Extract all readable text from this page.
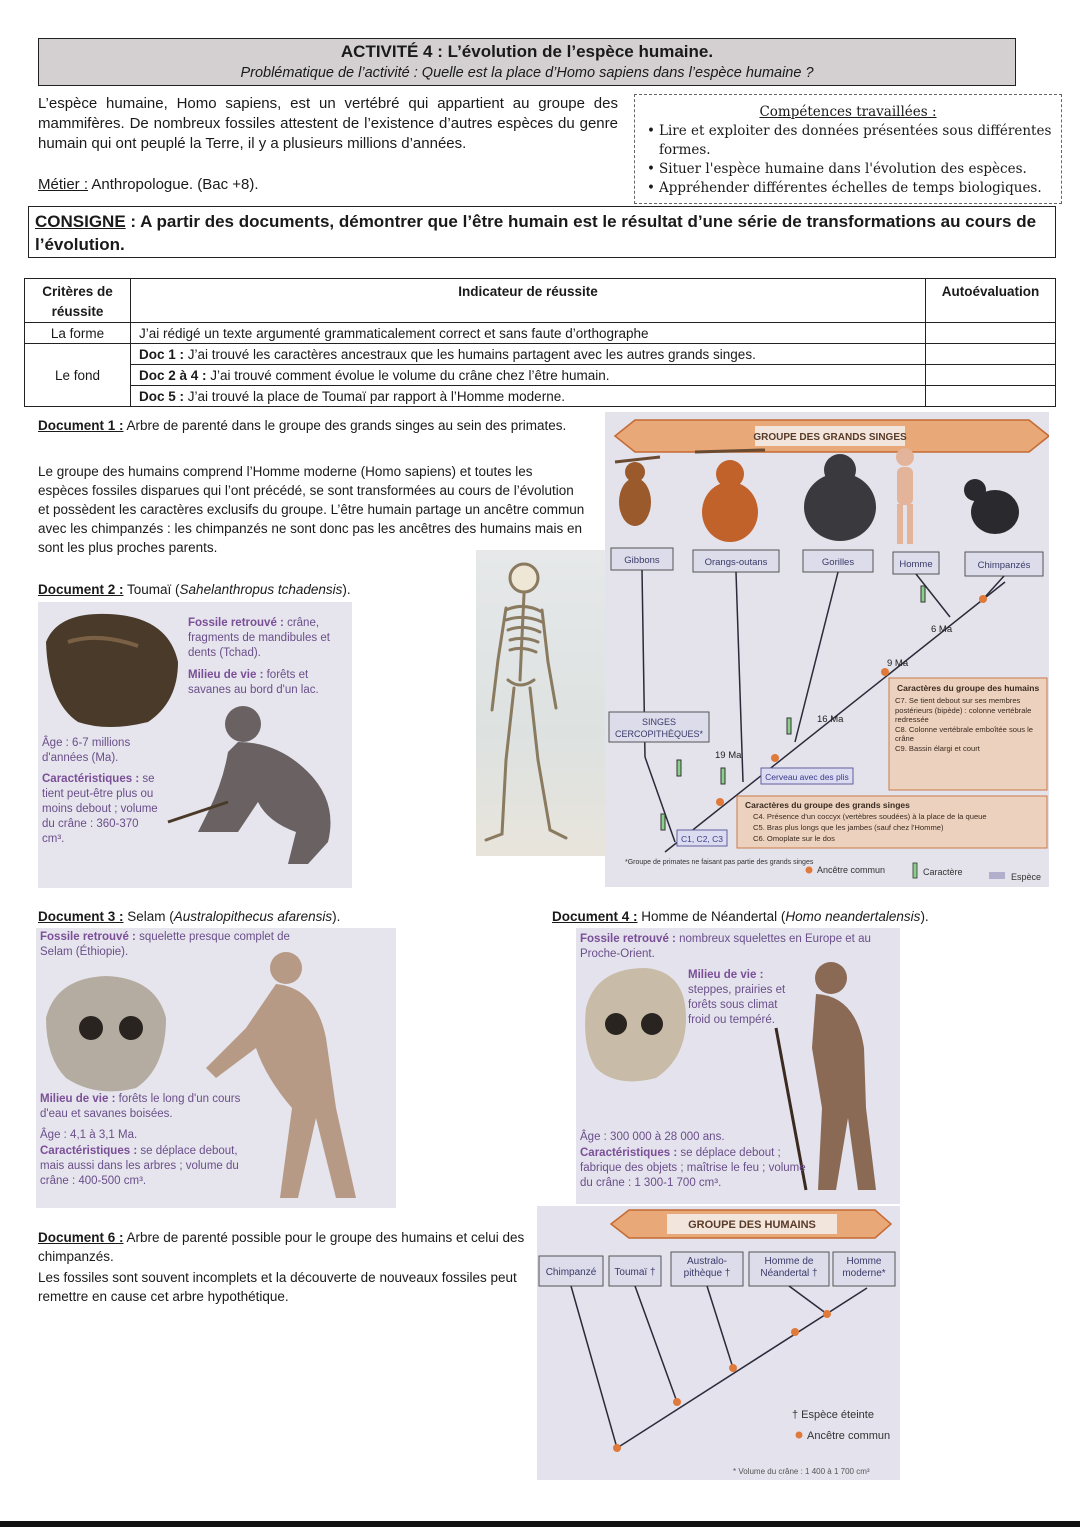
ACTIVITÉ 4 : L’évolution de l’espèce humaine.
Problématique de l’activité : Quelle est la place d’Homo sapiens dans l’espèce humaine ?
L’espèce humaine, Homo sapiens, est un vertébré qui appartient au groupe des mammifères. De nombreux fossiles attestent de l’existence d’autres espèces du genre humain qui ont peuplé la Terre, il y a plusieurs millions d’années.
Métier : Anthropologue. (Bac +8).
Compétences travaillées :
• Lire et exploiter des données présentées sous différentes formes.
• Situer l'espèce humaine dans l'évolution des espèces.
• Appréhender différentes échelles de temps biologiques.
CONSIGNE : A partir des documents, démontrer que l’être humain est le résultat d’une série de transformations au cours de l’évolution.
Critères de réussite	Indicateur de réussite	Autoévaluation
La forme	J’ai rédigé un texte argumenté grammaticalement correct et sans faute d’orthographe	
Le fond	Doc 1 : J’ai trouvé les caractères ancestraux que les humains partagent avec les autres grands singes.	
	Doc 2 à 4 : J’ai trouvé comment évolue le volume du crâne chez l’être humain.	
	Doc 5 : J’ai trouvé la place de Toumaï par rapport à l’Homme moderne.	
Document 1 : Arbre de parenté dans le groupe des grands singes au sein des primates.
Le groupe des humains comprend l’Homme moderne (Homo sapiens) et toutes les espèces fossiles disparues qui l’ont précédé, se sont transformées au cours de l’évolution et possèdent les caractères exclusifs du groupe. L’être humain partage un ancêtre commun avec les chimpanzés : les chimpanzés ne sont donc pas les ancêtres des humains mais en sont les plus proches parents.
GROUPE DES GRANDS SINGES
Gibbons	Orangs-outans	Gorilles	Homme	Chimpanzés
6 Ma
9 Ma
16 Ma
19 Ma
SINGES
CERCOPITHÈQUES*
Cerveau avec des plis
Caractères du groupe des humains
C7. Se tient debout sur ses membres postérieurs (bipède) : colonne vertébrale redressée
C8. Colonne vertébrale emboîtée sous le crâne
C9. Bassin élargi et court
Caractères du groupe des grands singes
C4. Présence d'un coccyx (vertèbres soudées) à la place de la queue
C5. Bras plus longs que les jambes (sauf chez l'Homme)
C6. Omoplate sur le dos
C1, C2, C3
*Groupe de primates ne faisant pas partie des grands singes
Ancêtre commun	Caractère	Espèce
Document 2 : Toumaï (Sahelanthropus tchadensis).
Fossile retrouvé : crâne, fragments de mandibules et dents (Tchad).
Milieu de vie : forêts et savanes au bord d'un lac.
Âge : 6-7 millions d'années (Ma).
Caractéristiques : se tient peut-être plus ou moins debout ; volume du crâne : 360-370 cm³.
Document 3 : Selam (Australopithecus afarensis).
Fossile retrouvé : squelette presque complet de Selam (Éthiopie).
Milieu de vie : forêts le long d'un cours d'eau et savanes boisées.
Âge : 4,1 à 3,1 Ma.
Caractéristiques : se déplace debout, mais aussi dans les arbres ; volume du crâne : 400-500 cm³.
Document 4 : Homme de Néandertal (Homo neandertalensis).
Fossile retrouvé : nombreux squelettes en Europe et au Proche-Orient.
Milieu de vie : steppes, prairies et forêts sous climat froid ou tempéré.
Âge : 300 000 à 28 000 ans.
Caractéristiques : se déplace debout ; fabrique des objets ; maîtrise le feu ; volume du crâne : 1 300-1 700 cm³.
Document 6 : Arbre de parenté possible pour le groupe des humains et celui des chimpanzés.
Les fossiles sont souvent incomplets et la découverte de nouveaux fossiles peut remettre en cause cet arbre hypothétique.
GROUPE DES HUMAINS
Chimpanzé Toumaï †
Australo-pithèque †
Homme de Néandertal †
Homme moderne*
† Espèce éteinte
Ancêtre commun
* Volume du crâne : 1 400 à 1 700 cm³
